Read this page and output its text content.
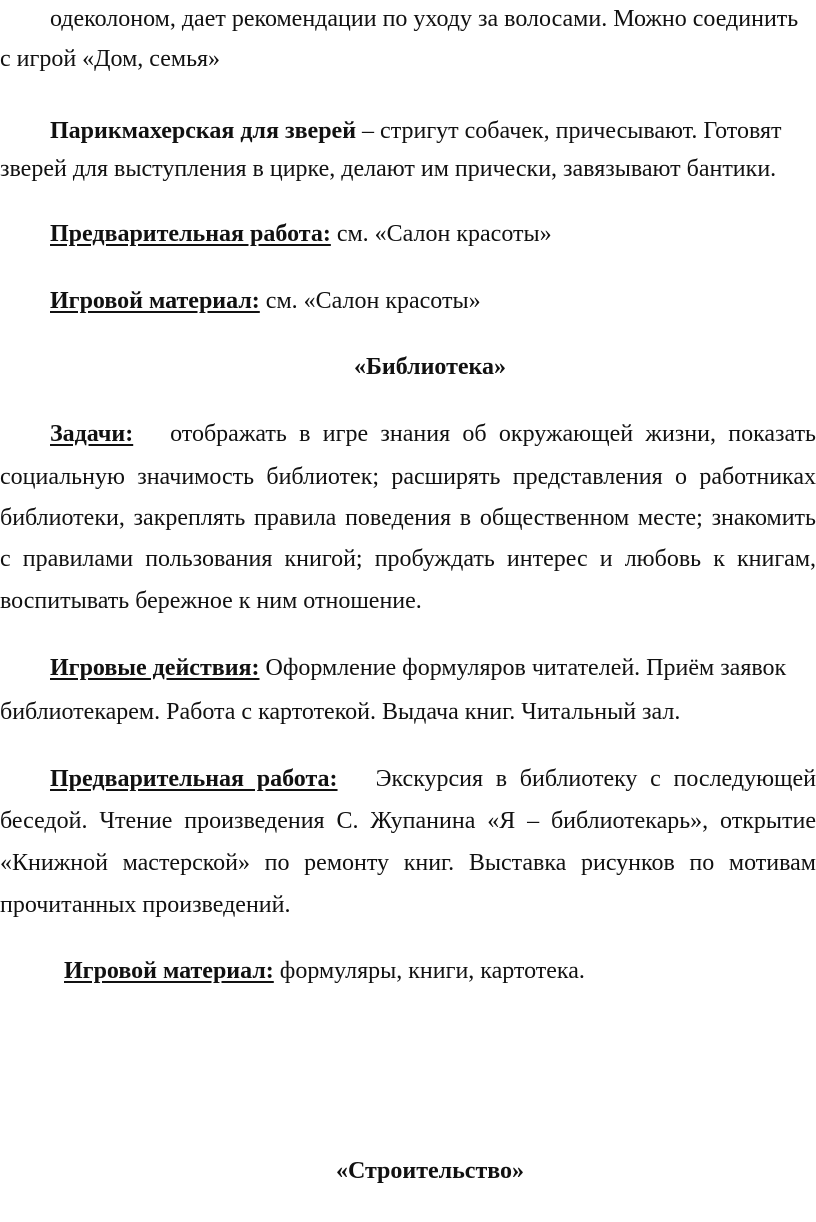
одеколоном, дает рекомендации по уходу за волосами. Можно соединить
с игрой «Дом, семья»
Парикмахерская для зверей – стригут собачек, причесывают. Готовят
зверей для выступления в цирке, делают им прически, завязывают бантики.
Предварительная работа: см. «Салон красоты»
Игровой материал: см. «Салон красоты»
«Библиотека»
Задачи: отображать в игре знания об окружающей жизни, показать
социальную значимость библиотек; расширять представления о работниках
библиотеки, закреплять правила поведения в общественном месте; знакомить
с правилами пользования книгой; пробуждать интерес и любовь к книгам,
воспитывать бережное к ним отношение.
Игровые действия: Оформление формуляров читателей. Приём заявок
библиотекарем. Работа с картотекой. Выдача книг. Читальный зал.
Предварительная работа: Экскурсия в библиотеку с последующей
беседой. Чтение произведения С. Жупанина «Я – библиотекарь», открытие
«Книжной мастерской» по ремонту книг. Выставка рисунков по мотивам
прочитанных произведений.
Игровой материал: формуляры, книги, картотека.
«Строительство»
